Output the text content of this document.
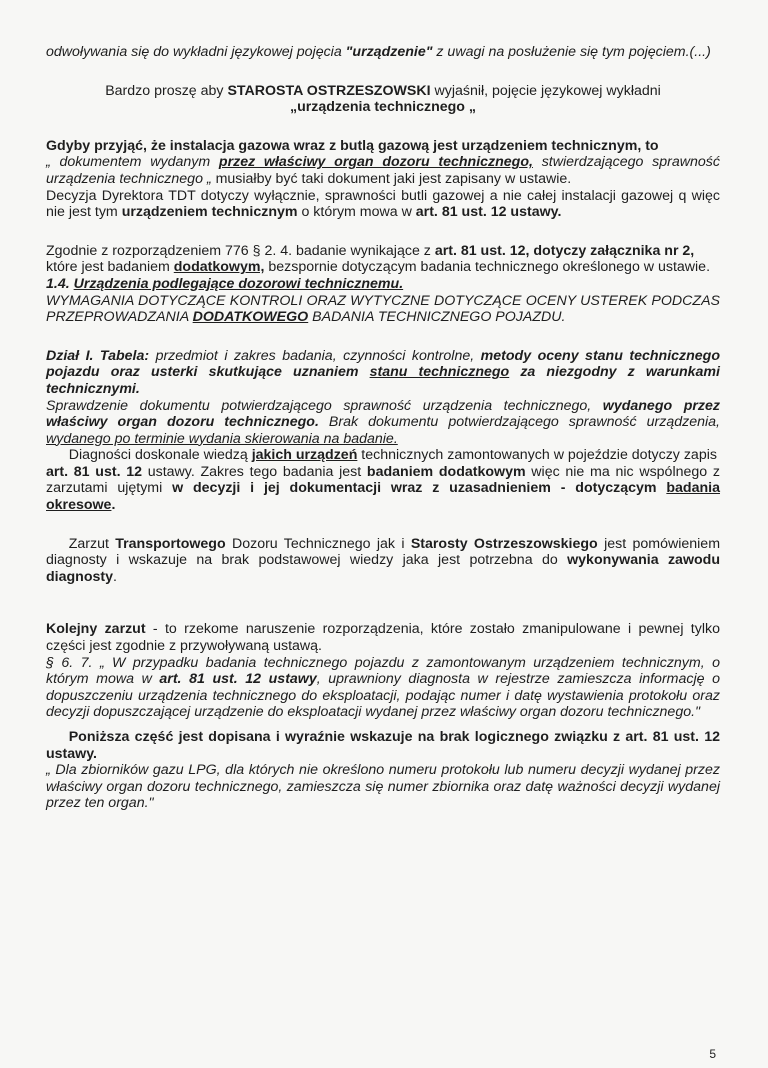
odwoływania się do wykładni językowej pojęcia "urządzenie" z uwagi na posłużenie się tym pojęciem.(...)

Bardzo proszę aby STAROSTA OSTRZESZOWSKI wyjaśnił, pojęcie językowej wykładni
„urządzenia technicznego „

Gdyby przyjąć, że instalacja gazowa wraz z butlą gazową jest urządzeniem technicznym, to
„ dokumentem wydanym przez właściwy organ dozoru technicznego, stwierdzającego sprawność urządzenia technicznego „ musiałby być taki dokument jaki jest zapisany w ustawie.

Decyzja Dyrektora TDT dotyczy wyłącznie, sprawności butli gazowej a nie całej instalacji gazowej q więc nie jest tym urządzeniem technicznym o którym mowa w art. 81 ust. 12 ustawy.

Zgodnie z rozporządzeniem 776 § 2. 4. badanie wynikające z art. 81 ust. 12, dotyczy załącznika nr 2,
które jest badaniem dodatkowym, bezspornie dotyczącym badania technicznego określonego w ustawie.

1.4. Urządzenia podlegające dozorowi technicznemu.
WYMAGANIA DOTYCZĄCE KONTROLI ORAZ WYTYCZNE DOTYCZĄCE OCENY USTEREK PODCZAS PRZEPROWADZANIA DODATKOWEGO BADANIA TECHNICZNEGO POJAZDU.

Dział I. Tabela: przedmiot i zakres badania, czynności kontrolne, metody oceny stanu technicznego pojazdu oraz usterki skutkujące uznaniem stanu technicznego za niezgodny z warunkami technicznymi.
Sprawdzenie dokumentu potwierdzającego sprawność urządzenia technicznego, wydanego przez właściwy organ dozoru technicznego. Brak dokumentu potwierdzającego sprawność urządzenia, wydanego po terminie wydania skierowania na badanie.

Diagności doskonale wiedzą jakich urządzeń technicznych zamontowanych w pojeździe dotyczy zapis
art. 81 ust. 12 ustawy. Zakres tego badania jest badaniem dodatkowym więc nie ma nic wspólnego z zarzutami ujętymi w decyzji i jej dokumentacji wraz z uzasadnieniem - dotyczącym badania okresowe.

Zarzut Transportowego Dozoru Technicznego jak i Starosty Ostrzeszowskiego jest pomówieniem diagnosty i wskazuje na brak podstawowej wiedzy jaka jest potrzebna do wykonywania zawodu diagnosty.

Kolejny zarzut - to rzekome naruszenie rozporządzenia, które zostało zmanipulowane i pewnej tylko części jest zgodnie z przywoływaną ustawą.
§ 6. 7. „ W przypadku badania technicznego pojazdu z zamontowanym urządzeniem technicznym, o którym mowa w art. 81 ust. 12 ustawy, uprawniony diagnosta w rejestrze zamieszcza informację o dopuszczeniu urządzenia technicznego do eksploatacji, podając numer i datę wystawienia protokołu oraz decyzji dopuszczającej urządzenie do eksploatacji wydanej przez właściwy organ dozoru technicznego."

Poniższa część jest dopisana i wyraźnie wskazuje na brak logicznego związku z art. 81 ust. 12 ustawy.
„ Dla zbiorników gazu LPG, dla których nie określono numeru protokołu lub numeru decyzji wydanej przez właściwy organ dozoru technicznego, zamieszcza się numer zbiornika oraz datę ważności decyzji wydanej przez ten organ."

5
